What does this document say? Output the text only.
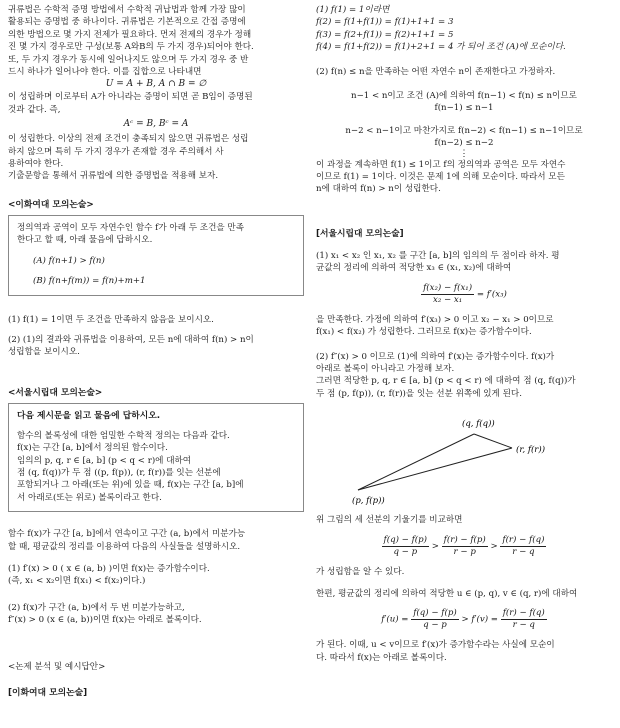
귀류법은 수학적 증명 방법에서 수학적 귀납법과 함께 가장 많이

활용되는 증명법 중 하나이다. 귀류법은 기본적으로 간접 증명에

의한 방법으로 몇 가지 전제가 필요하다. 먼저 전제의 경우가 정해

진 몇 가지 경우로만 구성(보통 A와B의 두 가지 경우)되어야 한다.

또, 두 가지 경우가 동시에 일어나지도 않으며 두 가지 경우 중 반

드시 하나가 일어나야 한다. 이를 집합으로 나타내면

U = A + B, A ∩ B = ∅

이 성립하며 이로부터 A가 아니라는 증명이 되면 곧 B임이 증명된

것과 같다. 즉,

Aᶜ = B, Bᶜ = A

이 성립한다. 이상의 전제 조건이 충족되지 않으면 귀류법은 성립

하지 않으며 특히 두 가지 경우가 존재할 경우 주의해서 사

용하여야 한다.

기출문항을 통해서 귀류법에 의한 증명법을 적용해 보자.

<이화여대 모의논술>

정의역과 공역이 모두 자연수인 함수 f가 아래 두 조건을 만족

한다고 할 때, 아래 물음에 답하시오.

(A) f(n+1) > f(n)

(B) f(n+f(m)) = f(n)+m+1

(1) f(1) = 1이면 두 조건을 만족하지 않음을 보이시오.

(2) (1)의 결과와 귀류법을 이용하여, 모든 n에 대하여 f(n) > n이

성립함을 보이시오.

<서울시립대 모의논술>

다음 제시문을 읽고 물음에 답하시오.

함수의 볼록성에 대한 엄밀한 수학적 정의는 다음과 같다.

f(x)는 구간 [a, b]에서 정의된 함수이다.

임의의 p, q, r ∈ [a, b] (p < q < r)에 대하여

점 (q, f(q))가 두 점 ((p, f(p)), (r, f(r))를 잇는 선분에

포함되거나 그 아래(또는 위)에 있을 때, f(x)는 구간 [a, b]에

서 아래로(또는 위로) 볼록이라고 한다.

함수 f(x)가 구간 [a, b]에서 연속이고 구간 (a, b)에서 미분가능

할 때, 평균값의 정리를 이용하여 다음의 사실들을 설명하시오.

(1) f′(x) > 0 ( x ∈ (a, b) )이면 f(x)는 증가함수이다.

(즉, x₁ < x₂이면 f(x₁) < f(x₂)이다.)

(2) f(x)가 구간 (a, b)에서 두 번 미분가능하고,

f″(x) > 0 (x ∈ (a, b))이면 f(x)는 아래로 볼록이다.

<논제 분석 및 예시답안>

[이화여대 모의논술]

(1) f(1) = 1이라면

f(2) = f(1+f(1)) = f(1)+1+1 = 3

f(3) = f(2+f(1)) = f(2)+1+1 = 5

f(4) = f(1+f(2)) = f(1)+2+1 = 4 가 되어 조건 (A)에 모순이다.

(2) f(n) ≤ n을 만족하는 어떤 자연수 n이 존재한다고 가정하자.

n−1 < n이고 조건 (A)에 의하여 f(n−1) < f(n) ≤ n이므로

f(n−1) ≤ n−1

n−2 < n−1이고 마찬가지로 f(n−2) < f(n−1) ≤ n−1이므로

f(n−2) ≤ n−2

⋮

이 과정을 계속하면 f(1) ≤ 1이고 f의 정의역과 공역은 모두 자연수

이므로 f(1) = 1이다. 이것은 문제 1에 의해 모순이다. 따라서 모든

n에 대하여 f(n) > n이 성립한다.

[서울시립대 모의논술]

(1) x₁ < x₂ 인 x₁, x₂ 를 구간 [a, b]의 임의의 두 점이라 하자. 평

균값의 정리에 의하여 적당한 x₃ ∈ (x₁, x₂)에 대하여

$\frac{\text{f(x₂) − f(x₁)}}{\text{x₂ − x₁}} = f'(x_3)$

을 만족한다. 가정에 의하여 f′(x₃) > 0 이고 x₂ − x₁ > 0이므로

f(x₁) < f(x₂) 가 성립한다. 그러므로 f(x)는 증가함수이다.

(2) f″(x) > 0 이므로 (1)에 의하여 f′(x)는 증가함수이다. f(x)가

아래로 볼록이 아니라고 가정해 보자.

그러면 적당한 p, q, r ∈ [a, b] (p < q < r) 에 대하여 점 (q, f(q))가

두 점 (p, f(p)), (r, f(r))을 잇는 선분 위쪽에 있게 된다.

(q, f(q))
(r, f(r))
(p, f(p))

위 그림의 세 선분의 기울기를 비교하면

$\frac{f(q) - f(p)}{q - p} > \frac{f(r) - f(p)}{r - p} > \frac{f(r) - f(q)}{r - q}$

가 성립함을 알 수 있다.

한편, 평균값의 정리에 의하여 적당한 u ∈ (p, q), v ∈ (q, r)에 대하여

$f'(u) = \frac{f(q) - f(p)}{q - p} > f'(v) = \frac{f(r) - f(q)}{r - q}$

가 된다. 이때, u < v이므로 f′(x)가 증가함수라는 사실에 모순이

다. 따라서 f(x)는 아래로 볼록이다.
